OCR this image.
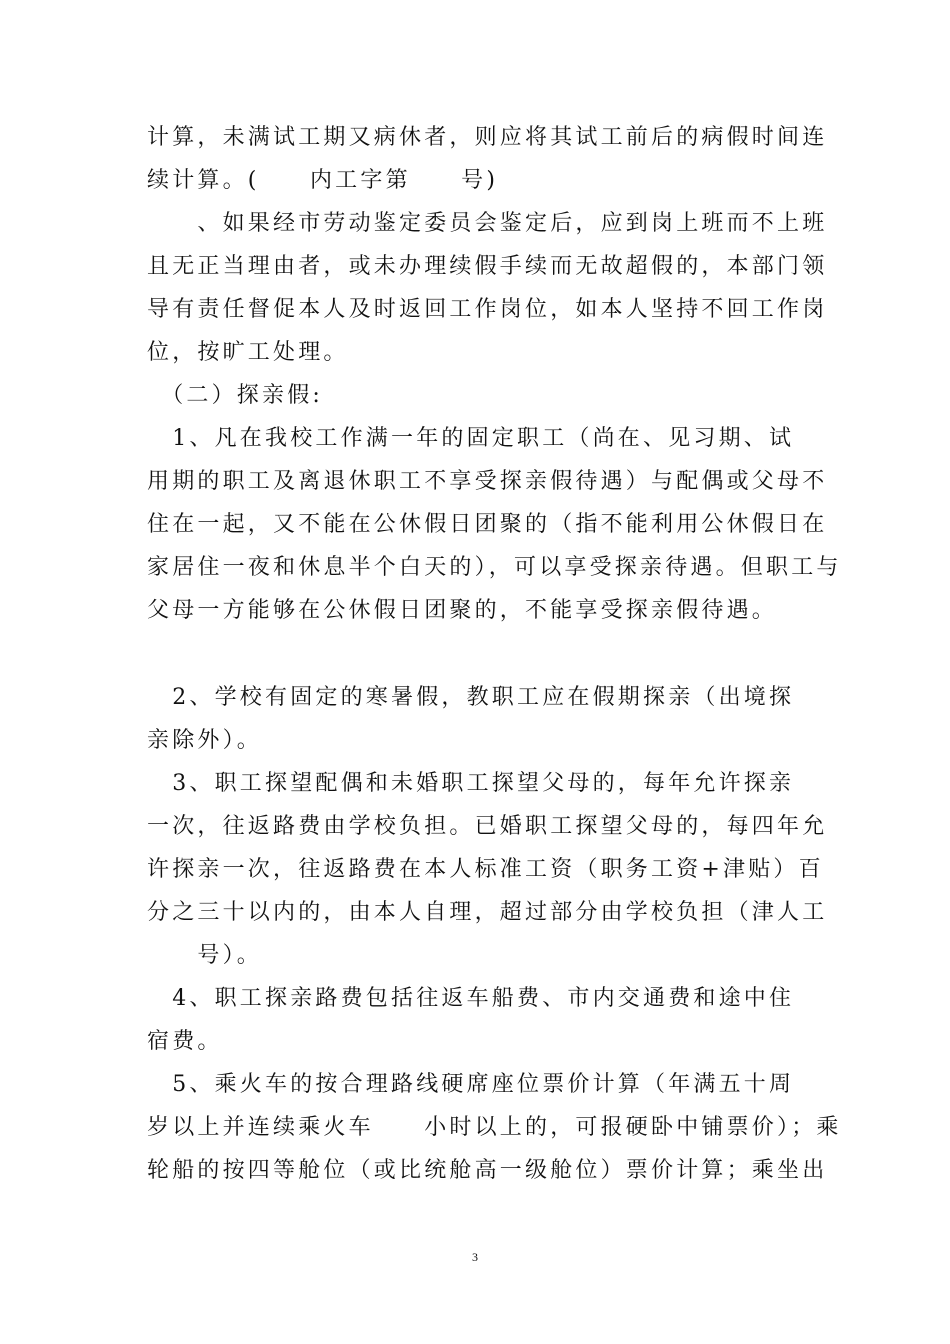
计算，未满试工期又病休者，则应将其试工前后的病假时间连
续计算。(　　内工字第　　号)
　　、如果经市劳动鉴定委员会鉴定后，应到岗上班而不上班
且无正当理由者，或未办理续假手续而无故超假的，本部门领
导有责任督促本人及时返回工作岗位，如本人坚持不回工作岗
位，按旷工处理。
　（二）探亲假:
　1、凡在我校工作满一年的固定职工（尚在、见习期、试
用期的职工及离退休职工不享受探亲假待遇）与配偶或父母不
住在一起，又不能在公休假日团聚的（指不能利用公休假日在
家居住一夜和休息半个白天的），可以享受探亲待遇。但职工与
父母一方能够在公休假日团聚的，不能享受探亲假待遇。
　2、学校有固定的寒暑假，教职工应在假期探亲（出境探
亲除外）。
　3、职工探望配偶和未婚职工探望父母的，每年允许探亲
一次，往返路费由学校负担。已婚职工探望父母的，每四年允
许探亲一次，往返路费在本人标准工资（职务工资+津贴）百
分之三十以内的，由本人自理，超过部分由学校负担（津人工
　　号）。
　4、职工探亲路费包括往返车船费、市内交通费和途中住
宿费。
　5、乘火车的按合理路线硬席座位票价计算（年满五十周
岁以上并连续乘火车　　小时以上的，可报硬卧中铺票价）；乘
轮船的按四等舱位（或比统舱高一级舱位）票价计算；乘坐出
3
